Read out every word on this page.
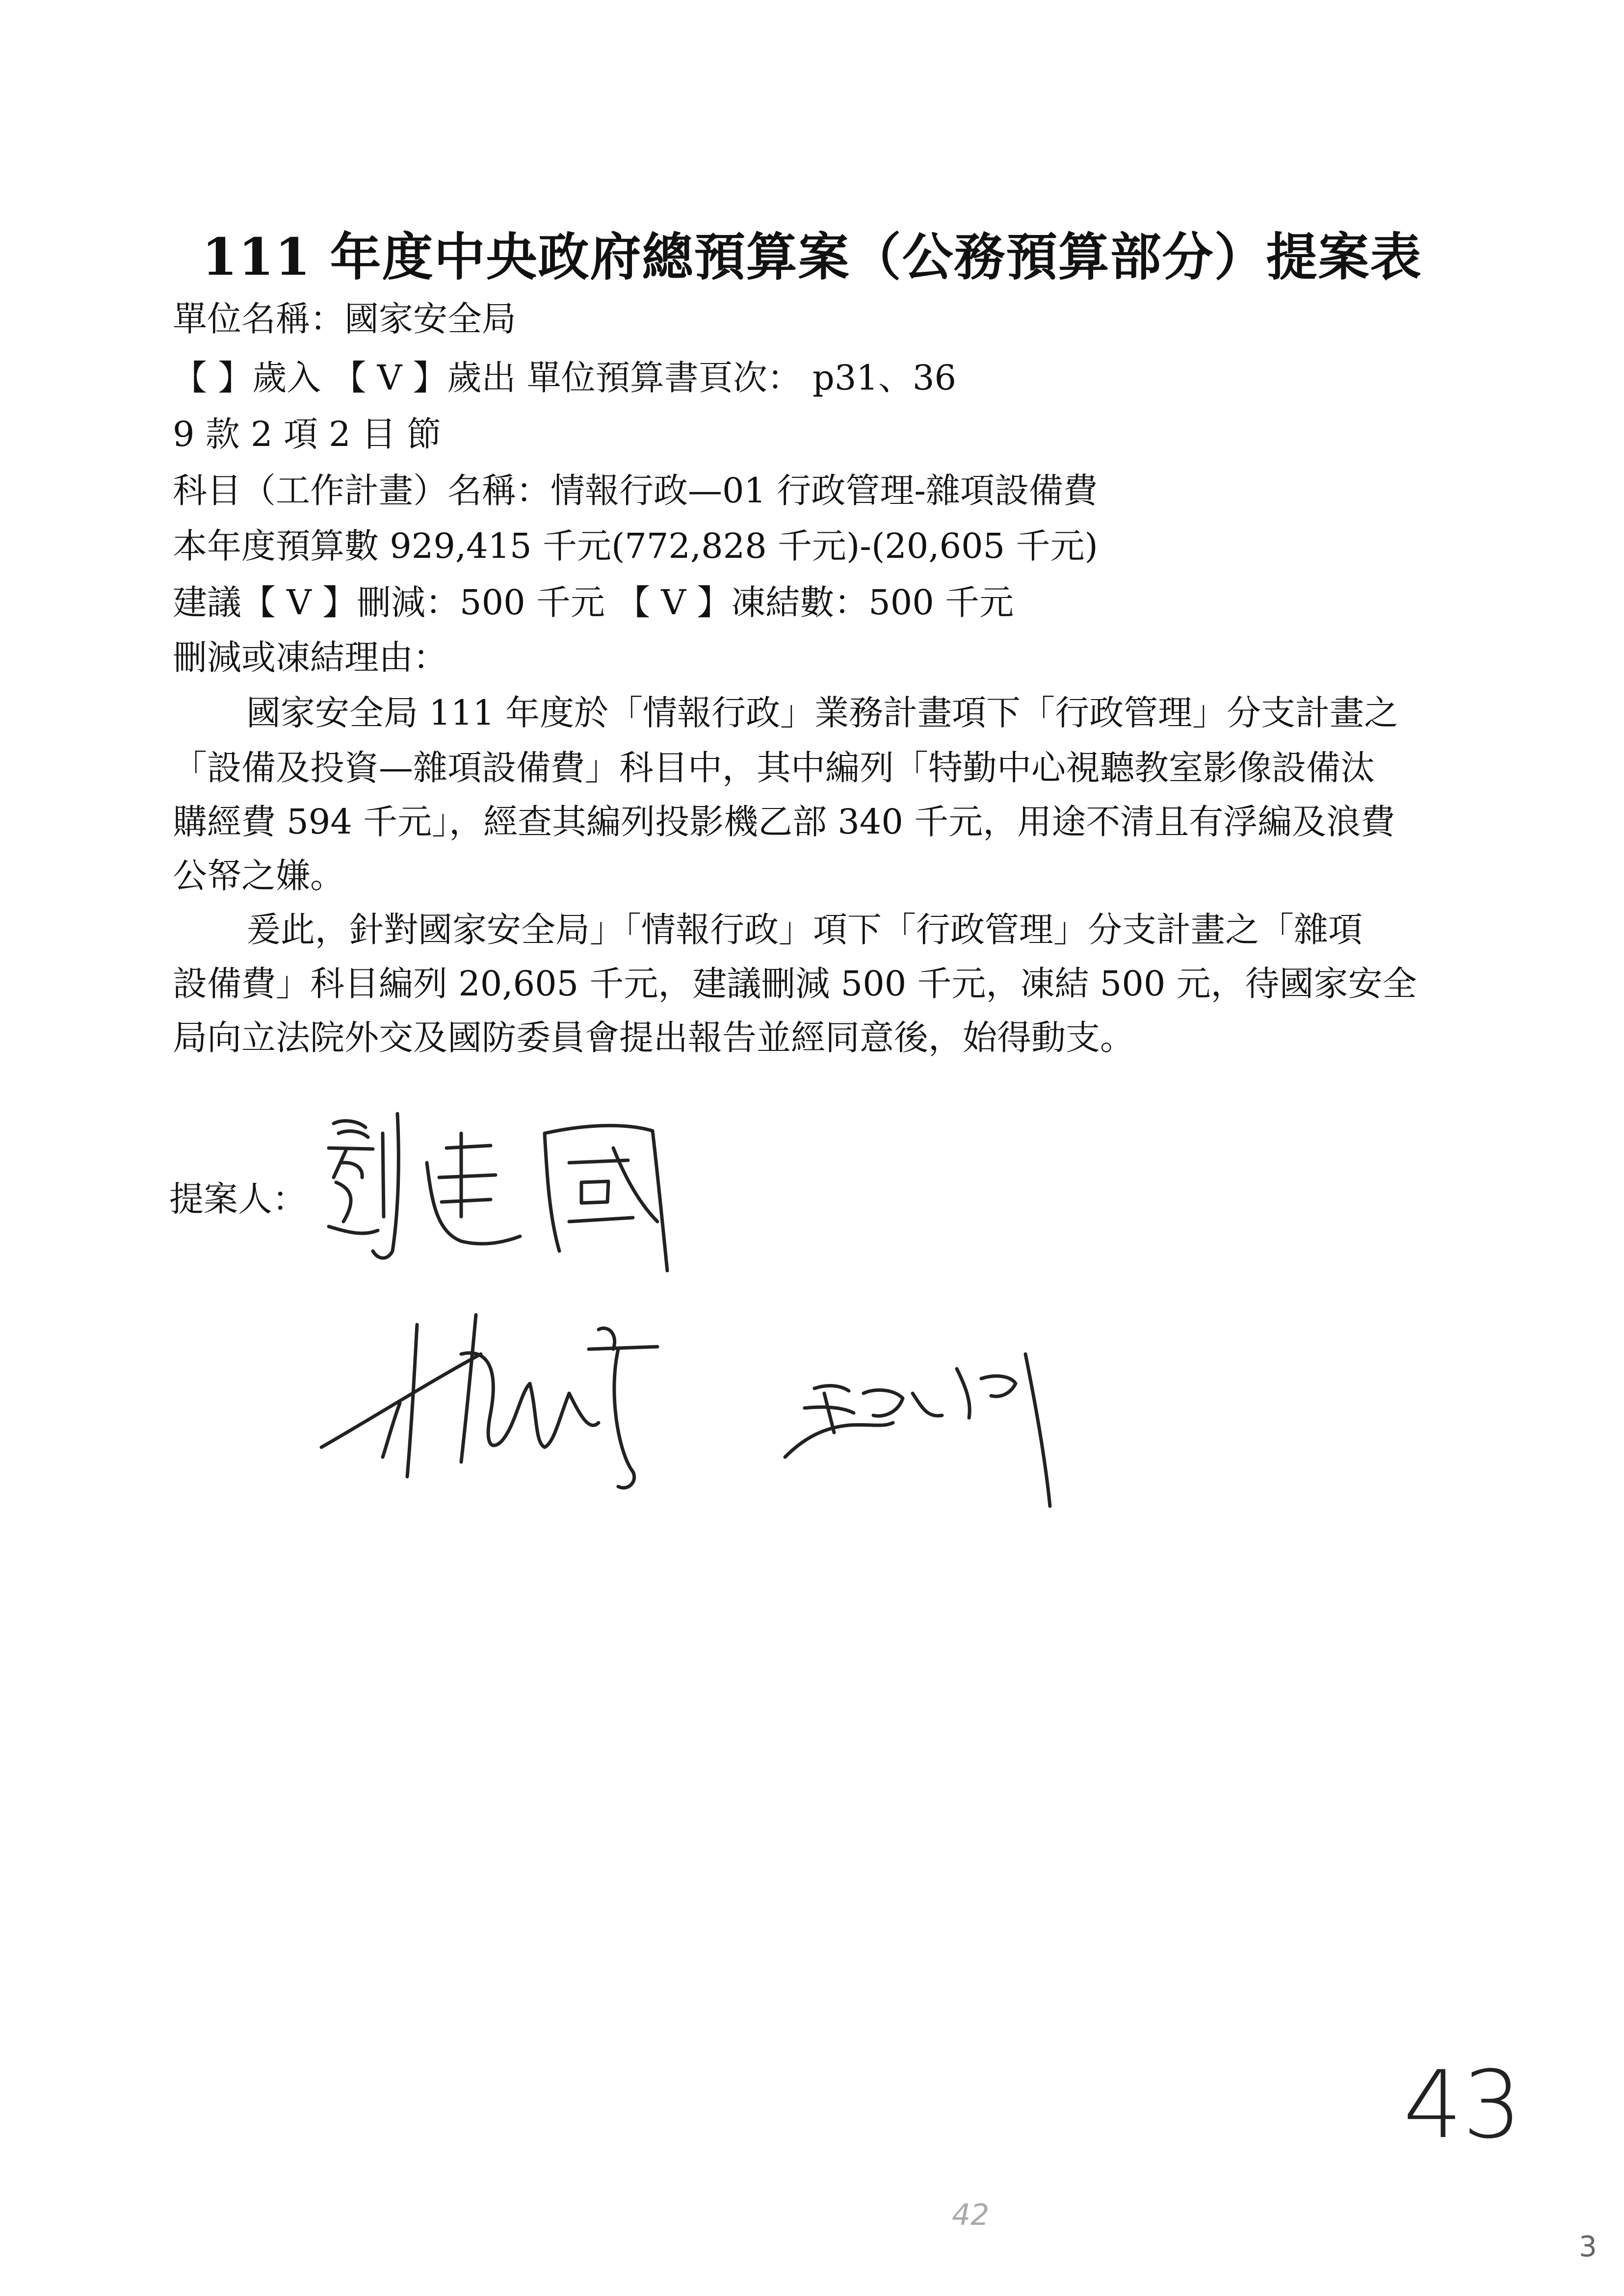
111 年度中央政府總預算案（公務預算部分）提案表
單位名稱：國家安全局
【 】歲入 【 V 】歲出 單位預算書頁次： p31、36
9 款 2 項 2 目 節
科目（工作計畫）名稱：情報行政—01 行政管理-雜項設備費
本年度預算數 929,415 千元(772,828 千元)-(20,605 千元)
建議【 V 】刪減：500 千元 【 V 】凍結數：500 千元
刪減或凍結理由：
國家安全局 111 年度於「情報行政」業務計畫項下「行政管理」分支計畫之
「設備及投資—雜項設備費」科目中，其中編列「特勤中心視聽教室影像設備汰
購經費 594 千元」，經查其編列投影機乙部 340 千元，用途不清且有浮編及浪費
公帑之嫌。
爰此，針對國家安全局」「情報行政」項下「行政管理」分支計畫之「雜項
設備費」科目編列 20,605 千元，建議刪減 500 千元，凍結 500 元，待國家安全
局向立法院外交及國防委員會提出報告並經同意後，始得動支。
提案人：
43
42
3
